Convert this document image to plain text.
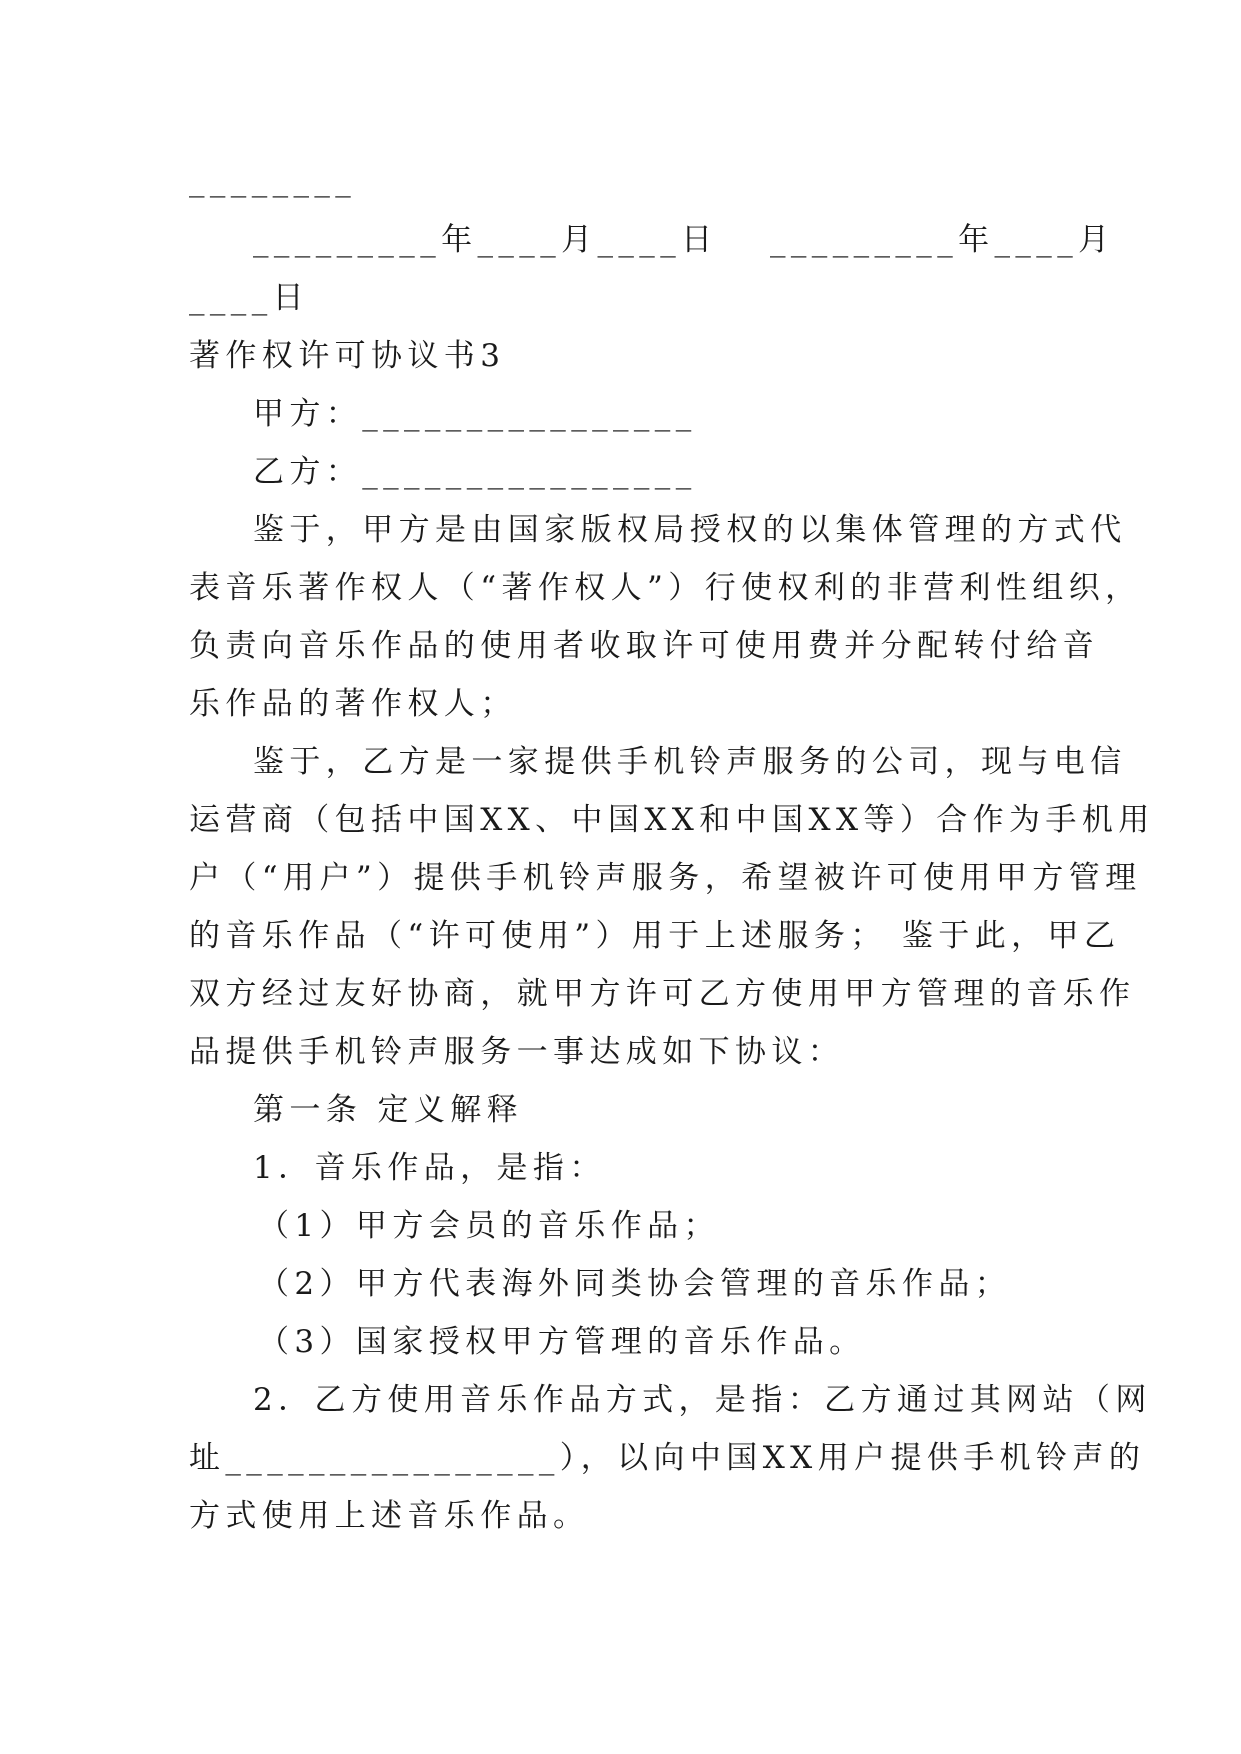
________
_________年____月____日	_________年____月
____日
著作权许可协议书3
甲方：________________
乙方：________________
鉴于，甲方是由国家版权局授权的以集体管理的方式代
表音乐著作权人（“著作权人”）行使权利的非营利性组织，
负责向音乐作品的使用者收取许可使用费并分配转付给音
乐作品的著作权人；
鉴于，乙方是一家提供手机铃声服务的公司，现与电信
运营商（包括中国XX、中国XX和中国XX等）合作为手机用
户（“用户”）提供手机铃声服务，希望被许可使用甲方管理
的音乐作品（“许可使用”）用于上述服务； 鉴于此，甲乙
双方经过友好协商，就甲方许可乙方使用甲方管理的音乐作
品提供手机铃声服务一事达成如下协议：
第一条 定义解释
1．音乐作品，是指：
（1）甲方会员的音乐作品；
（2）甲方代表海外同类协会管理的音乐作品；
（3）国家授权甲方管理的音乐作品。
2．乙方使用音乐作品方式，是指：乙方通过其网站（网
址________________），以向中国XX用户提供手机铃声的
方式使用上述音乐作品。
